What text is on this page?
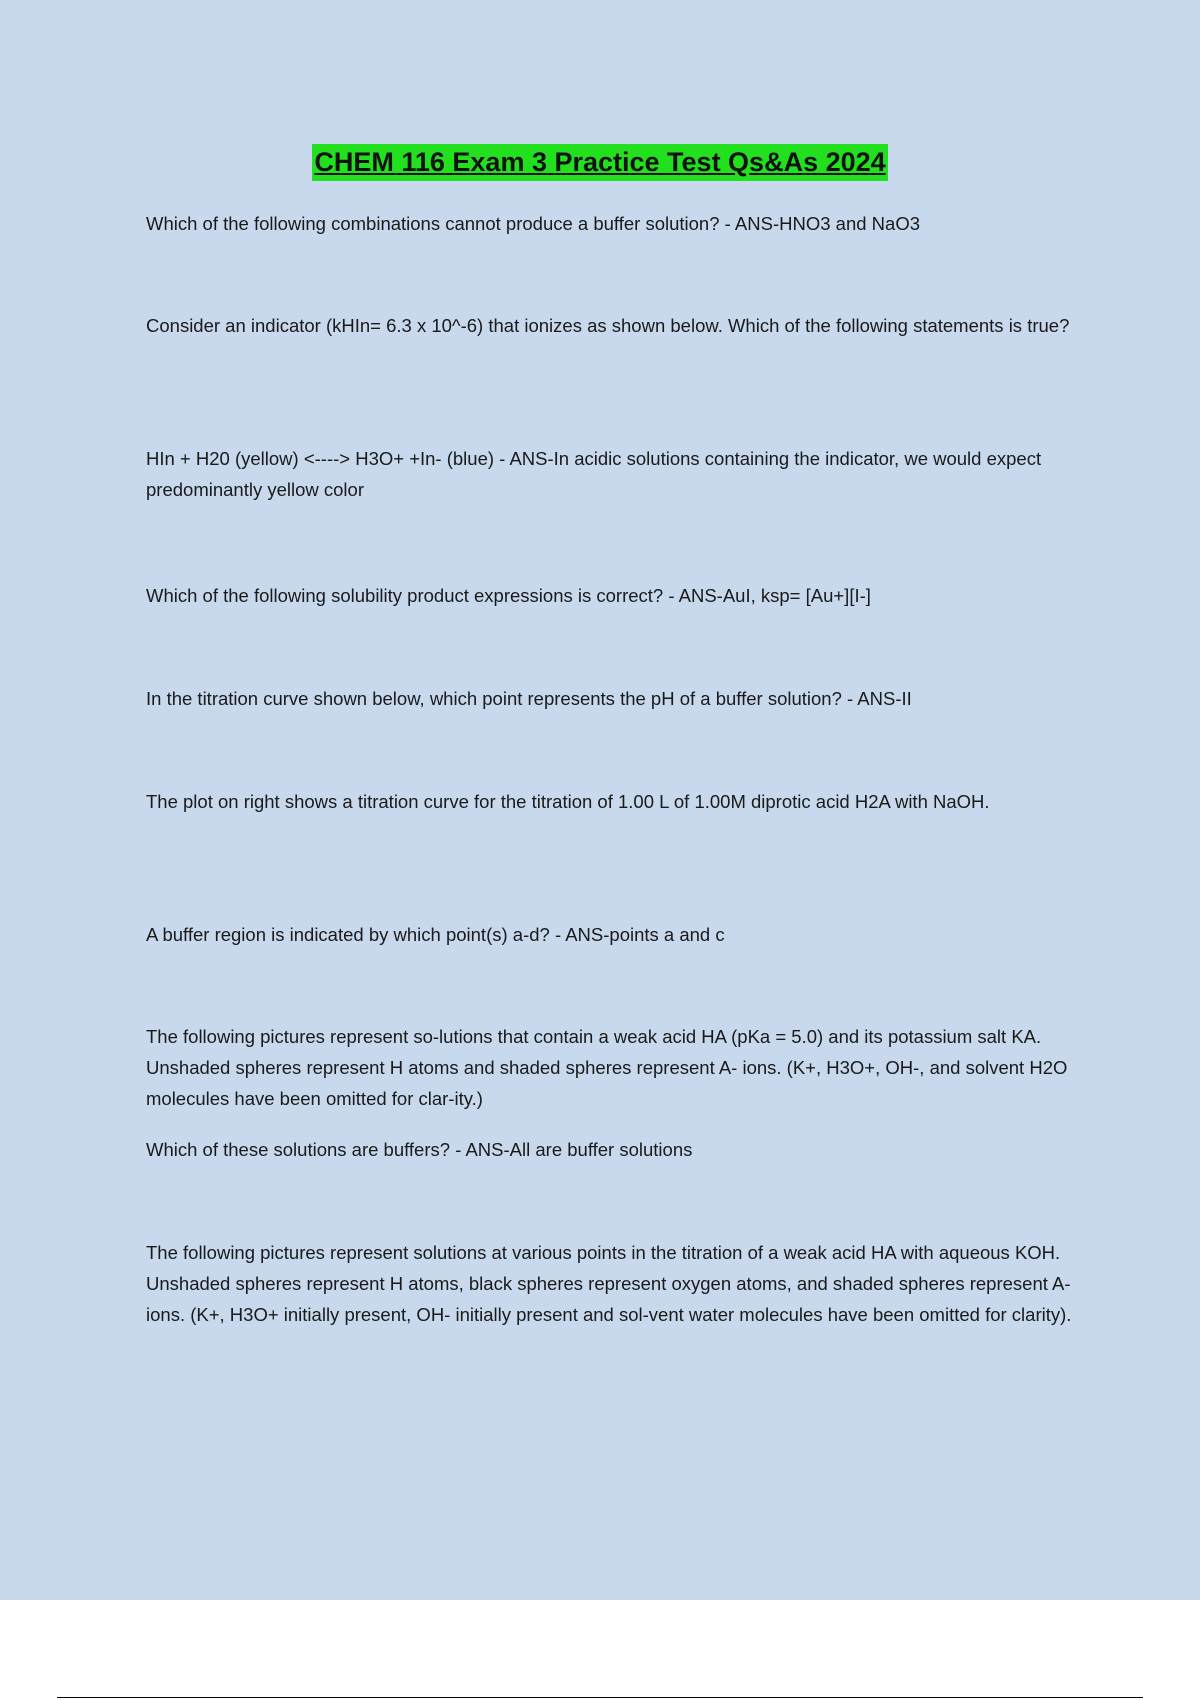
CHEM 116 Exam 3 Practice Test Qs&As 2024

Which of the following combinations cannot produce a buffer solution? - ANS-HNO3 and NaO3

Consider an indicator (kHIn= 6.3 x 10^-6) that ionizes as shown below. Which of the following statements is true?

HIn + H20 (yellow) <----> H3O+ +In- (blue) - ANS-In acidic solutions containing the indicator, we would expect predominantly yellow color

Which of the following solubility product expressions is correct? - ANS-AuI, ksp= [Au+][I-]

In the titration curve shown below, which point represents the pH of a buffer solution? - ANS-II

The plot on right shows a titration curve for the titration of 1.00 L of 1.00M diprotic acid H2A with NaOH.

A buffer region is indicated by which point(s) a-d? - ANS-points a and c

The following pictures represent so-lutions that contain a weak acid HA (pKa = 5.0) and its potassium salt KA. Unshaded spheres represent H atoms and shaded spheres represent A- ions. (K+, H3O+, OH-, and solvent H2O molecules have been omitted for clar-ity.)

Which of these solutions are buffers? - ANS-All are buffer solutions

The following pictures represent solutions at various points in the titration of a weak acid HA with aqueous KOH. Unshaded spheres represent H atoms, black spheres represent oxygen atoms, and shaded spheres represent A- ions. (K+, H3O+ initially present, OH- initially present and sol-vent water molecules have been omitted for clarity).
